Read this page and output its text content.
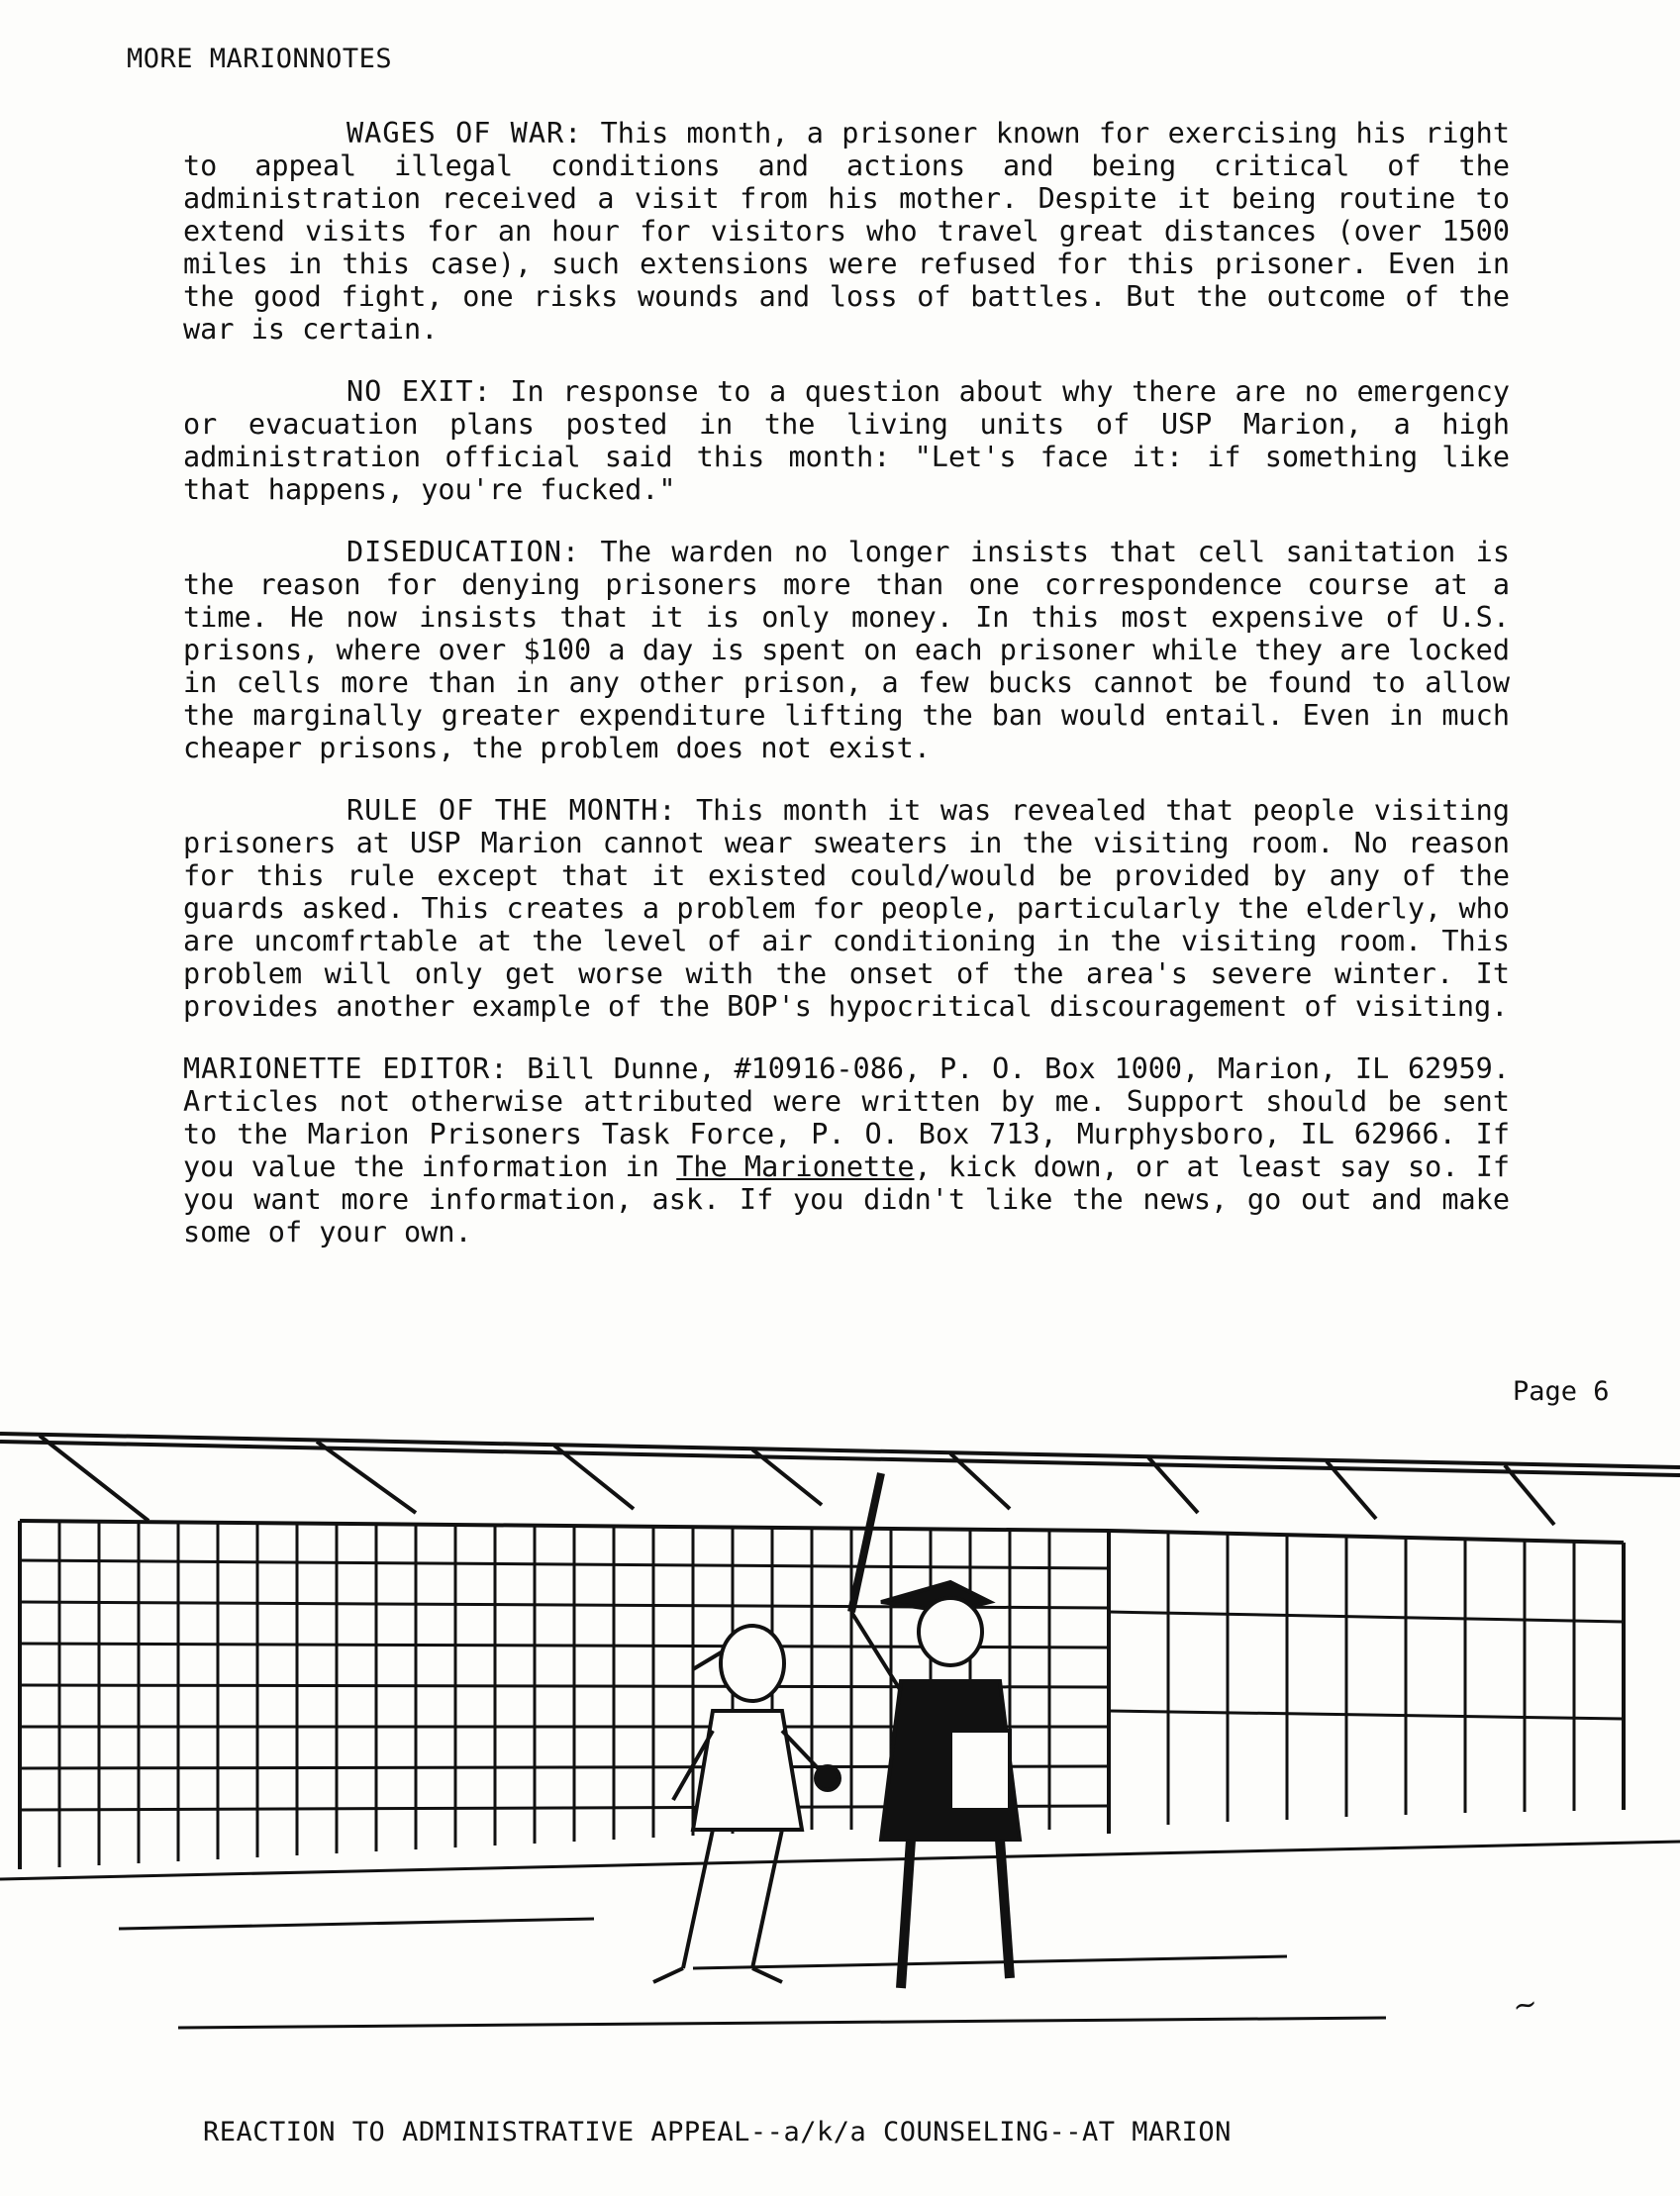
MORE MARIONNOTES

WAGES OF WAR: This month, a prisoner known for exercising his right to appeal illegal conditions and actions and being critical of the administration received a visit from his mother. Despite it being routine to extend visits for an hour for visitors who travel great distances (over 1500 miles in this case), such extensions were refused for this prisoner. Even in the good fight, one risks wounds and loss of battles. But the outcome of the war is certain.

NO EXIT: In response to a question about why there are no emergency or evacuation plans posted in the living units of USP Marion, a high administration official said this month: "Let's face it: if something like that happens, you're fucked."

DISEDUCATION: The warden no longer insists that cell sanitation is the reason for denying prisoners more than one correspondence course at a time. He now insists that it is only money. In this most expensive of U.S. prisons, where over $100 a day is spent on each prisoner while they are locked in cells more than in any other prison, a few bucks cannot be found to allow the marginally greater expenditure lifting the ban would entail. Even in much cheaper prisons, the problem does not exist.

RULE OF THE MONTH: This month it was revealed that people visiting prisoners at USP Marion cannot wear sweaters in the visiting room. No reason for this rule except that it existed could/would be provided by any of the guards asked. This creates a problem for people, particularly the elderly, who are uncomfrtable at the level of air conditioning in the visiting room. This problem will only get worse with the onset of the area's severe winter. It provides another example of the BOP's hypocritical discouragement of visiting.

MARIONETTE EDITOR: Bill Dunne, #10916-086, P. O. Box 1000, Marion, IL 62959. Articles not otherwise attributed were written by me. Support should be sent to the Marion Prisoners Task Force, P. O. Box 713, Murphysboro, IL 62966. If you value the information in The Marionette, kick down, or at least say so. If you want more information, ask. If you didn't like the news, go out and make some of your own.

Page 6
~
REACTION TO ADMINISTRATIVE APPEAL--a/k/a COUNSELING--AT MARION
